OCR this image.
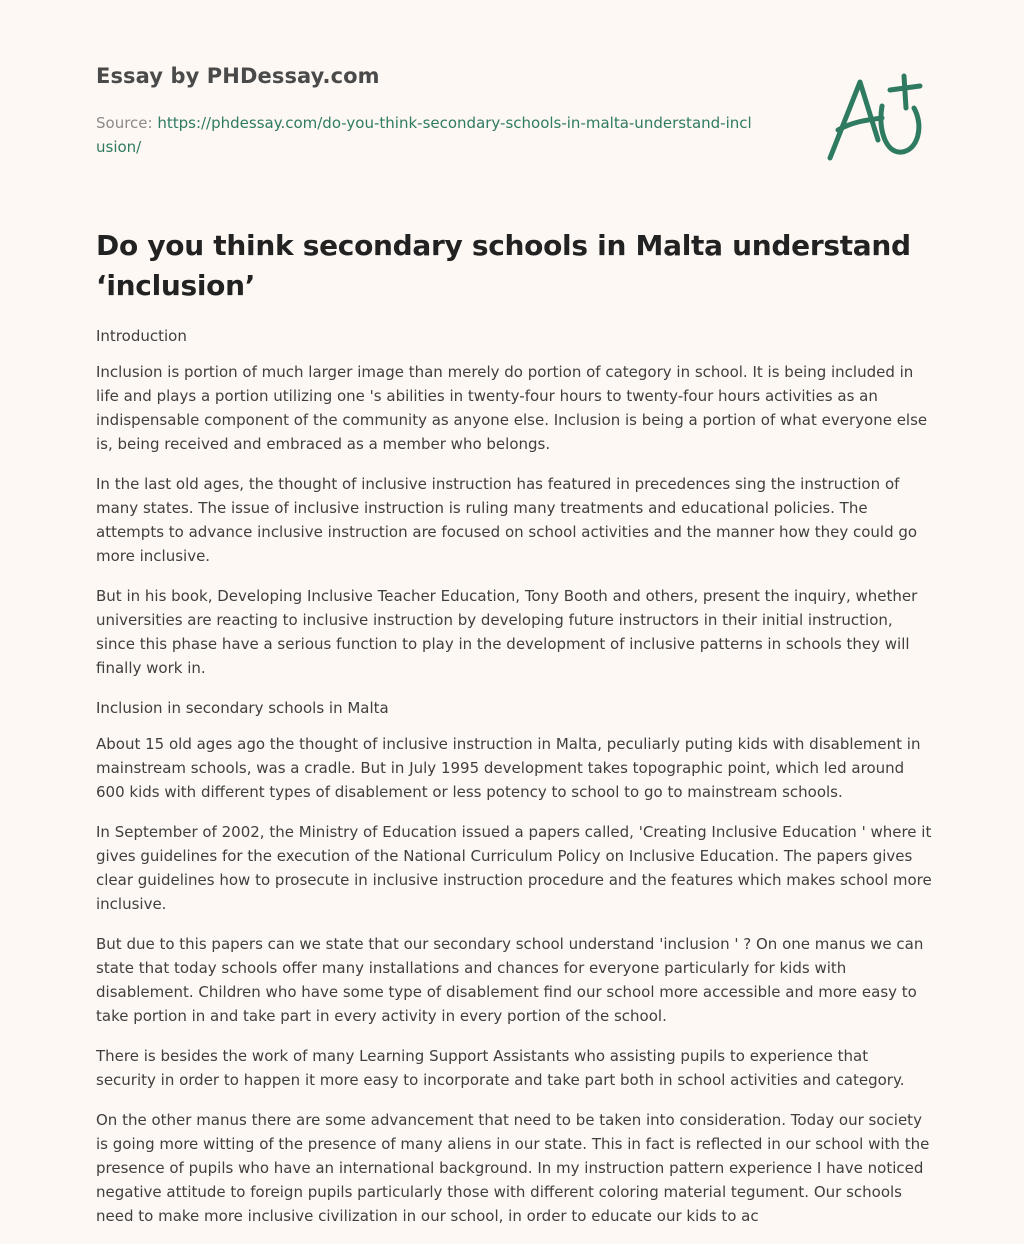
Essay by PHDessay.com
Source: https://phdessay.com/do-you-think-secondary-schools-in-malta-understand-inclusion/
Do you think secondary schools in Malta understand ‘inclusion’

Introduction

Inclusion is portion of much larger image than merely do portion of category in school. It is being included in life and plays a portion utilizing one 's abilities in twenty-four hours to twenty-four hours activities as an indispensable component of the community as anyone else. Inclusion is being a portion of what everyone else is, being received and embraced as a member who belongs.

In the last old ages, the thought of inclusive instruction has featured in precedences sing the instruction of many states. The issue of inclusive instruction is ruling many treatments and educational policies. The attempts to advance inclusive instruction are focused on school activities and the manner how they could go more inclusive.

But in his book, Developing Inclusive Teacher Education, Tony Booth and others, present the inquiry, whether universities are reacting to inclusive instruction by developing future instructors in their initial instruction, since this phase have a serious function to play in the development of inclusive patterns in schools they will finally work in.

Inclusion in secondary schools in Malta

About 15 old ages ago the thought of inclusive instruction in Malta, peculiarly puting kids with disablement in mainstream schools, was a cradle. But in July 1995 development takes topographic point, which led around 600 kids with different types of disablement or less potency to school to go to mainstream schools.

In September of 2002, the Ministry of Education issued a papers called, 'Creating Inclusive Education ' where it gives guidelines for the execution of the National Curriculum Policy on Inclusive Education. The papers gives clear guidelines how to prosecute in inclusive instruction procedure and the features which makes school more inclusive.

But due to this papers can we state that our secondary school understand 'inclusion ' ? On one manus we can state that today schools offer many installations and chances for everyone particularly for kids with disablement. Children who have some type of disablement find our school more accessible and more easy to take portion in and take part in every activity in every portion of the school.

There is besides the work of many Learning Support Assistants who assisting pupils to experience that security in order to happen it more easy to incorporate and take part both in school activities and category.

On the other manus there are some advancement that need to be taken into consideration. Today our society is going more witting of the presence of many aliens in our state. This in fact is reflected in our school with the presence of pupils who have an international background. In my instruction pattern experience I have noticed negative attitude to foreign pupils particularly those with different coloring material tegument. Our schools need to make more inclusive civilization in our school, in order to educate our kids to ac
